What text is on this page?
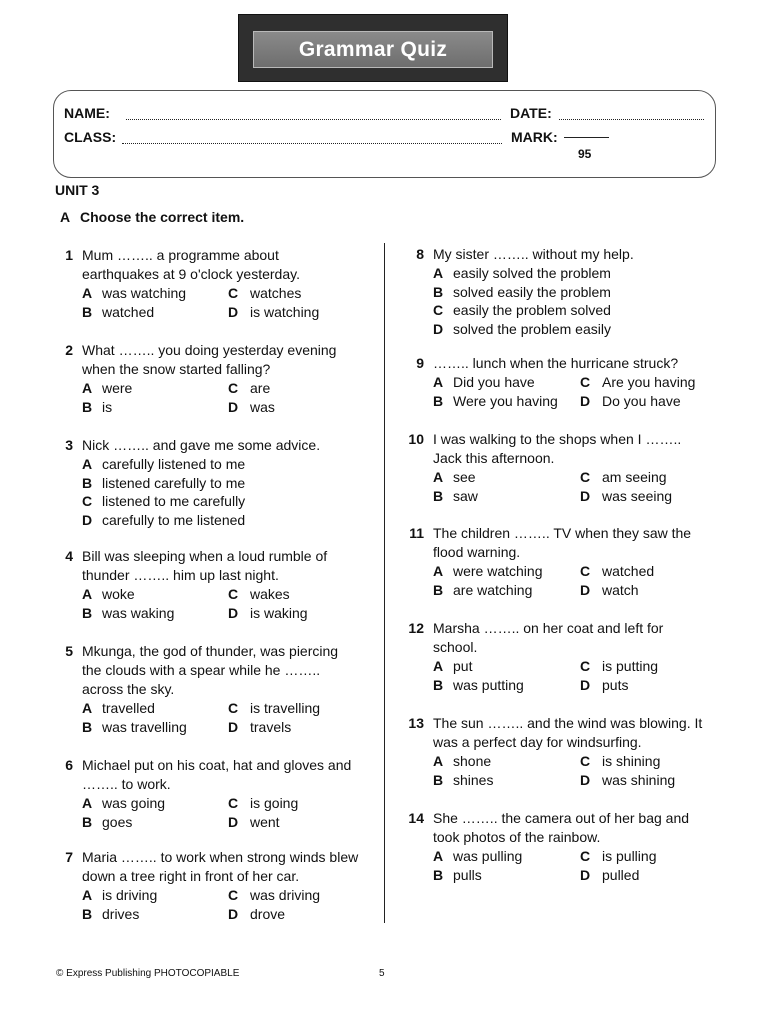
Grammar Quiz
NAME:	DATE:
CLASS:	MARK:
95
UNIT 3
A Choose the correct item.
1 Mum …….. a programme about
earthquakes at 9 o'clock yesterday.
A was watching	C watches
B watched	D is watching
2 What …….. you doing yesterday evening
when the snow started falling?
A were	C are
B is	D was
3 Nick …….. and gave me some advice.
A carefully listened to me
B listened carefully to me
C listened to me carefully
D carefully to me listened
4 Bill was sleeping when a loud rumble of
thunder …….. him up last night.
A woke	C wakes
B was waking	D is waking
5 Mkunga, the god of thunder, was piercing
the clouds with a spear while he ……..
across the sky.
A travelled	C is travelling
B was travelling	D travels
6 Michael put on his coat, hat and gloves and
…….. to work.
A was going	C is going
B goes	D went
7 Maria …….. to work when strong winds blew
down a tree right in front of her car.
A is driving	C was driving
B drives	D drove
8 My sister …….. without my help.
A easily solved the problem
B solved easily the problem
C easily the problem solved
D solved the problem easily
9 …….. lunch when the hurricane struck?
A Did you have	C Are you having
B Were you having D Do you have
10 I was walking to the shops when I ……..
Jack this afternoon.
A see	C am seeing
B saw	D was seeing
11 The children …….. TV when they saw the
flood warning.
A were watching	C watched
B are watching	D watch
12 Marsha …….. on her coat and left for
school.
A put	C is putting
B was putting	D puts
13 The sun …….. and the wind was blowing. It
was a perfect day for windsurfing.
A shone	C is shining
B shines	D was shining
14 She …….. the camera out of her bag and
took photos of the rainbow.
A was pulling	C is pulling
B pulls	D pulled
© Express Publishing PHOTOCOPIABLE	5
